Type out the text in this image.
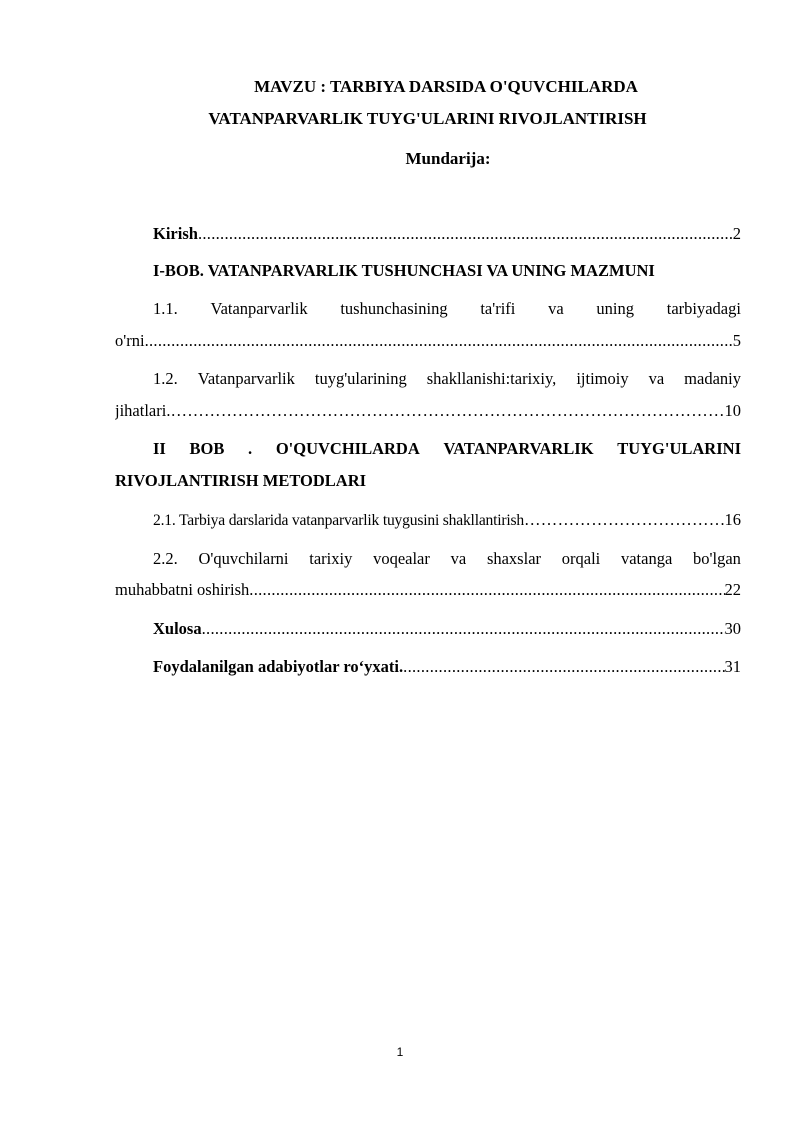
MAVZU : TARBIYA DARSIDA O'QUVCHILARDA
VATANPARVARLIK TUYG'ULARINI RIVOJLANTIRISH
Mundarija:
Kirish .....	2
I-BOB. VATANPARVARLIK TUSHUNCHASI VA UNING MAZMUNI
1.1. Vatanparvarlik tushunchasining ta'rifi va uning tarbiyadagi
o'rni .....	5
1.2. Vatanparvarlik tuyg'ularining shakllanishi:tarixiy, ijtimoiy va madaniy
jihatlari. …………………………………………………………………………………………………………………………………………………………………	10
II BOB . O'QUVCHILARDA VATANPARVARLIK TUYG'ULARINI
RIVOJLANTIRISH METODLARI
2.1. Tarbiya darslarida vatanparvarlik tuygusini shakllantirish …………………………………………………………………………………………………………………………………………………………………	16
2.2. O'quvchilarni tarixiy voqealar va shaxslar orqali vatanga bo'lgan
muhabbatni oshirish .....	22
Xulosa .....	30
Foydalanilgan adabiyotlar ro‘yxati. .....	31
1
